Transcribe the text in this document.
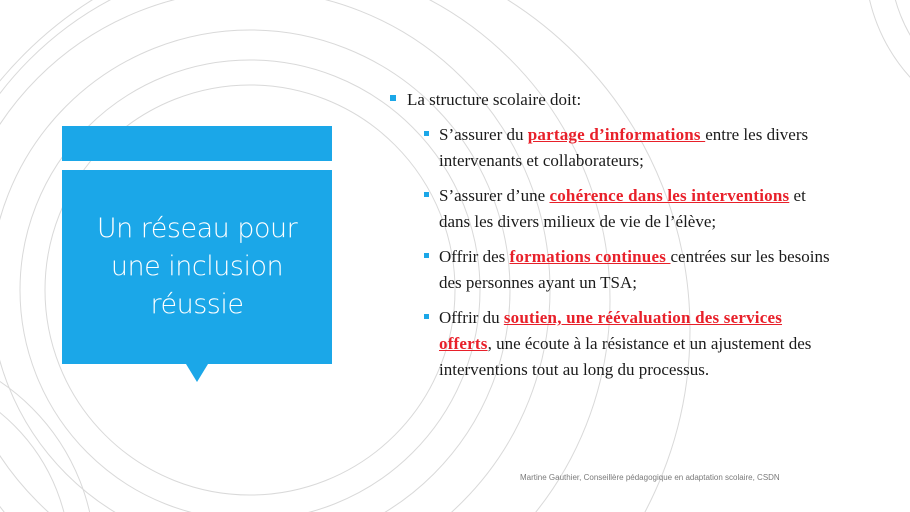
Un réseau pour
une inclusion
réussie
La structure scolaire doit:
S’assurer du partage d’informations entre les divers intervenants et collaborateurs;
S’assurer d’une cohérence dans les interventions et dans les divers milieux de vie de l’élève;
Offrir des formations continues centrées sur les besoins des personnes ayant un TSA;
Offrir du soutien, une réévaluation des services offerts, une écoute à la résistance et un ajustement des interventions tout au long du processus.
Martine Gauthier, Conseillère pédagogique en adaptation scolaire, CSDN
